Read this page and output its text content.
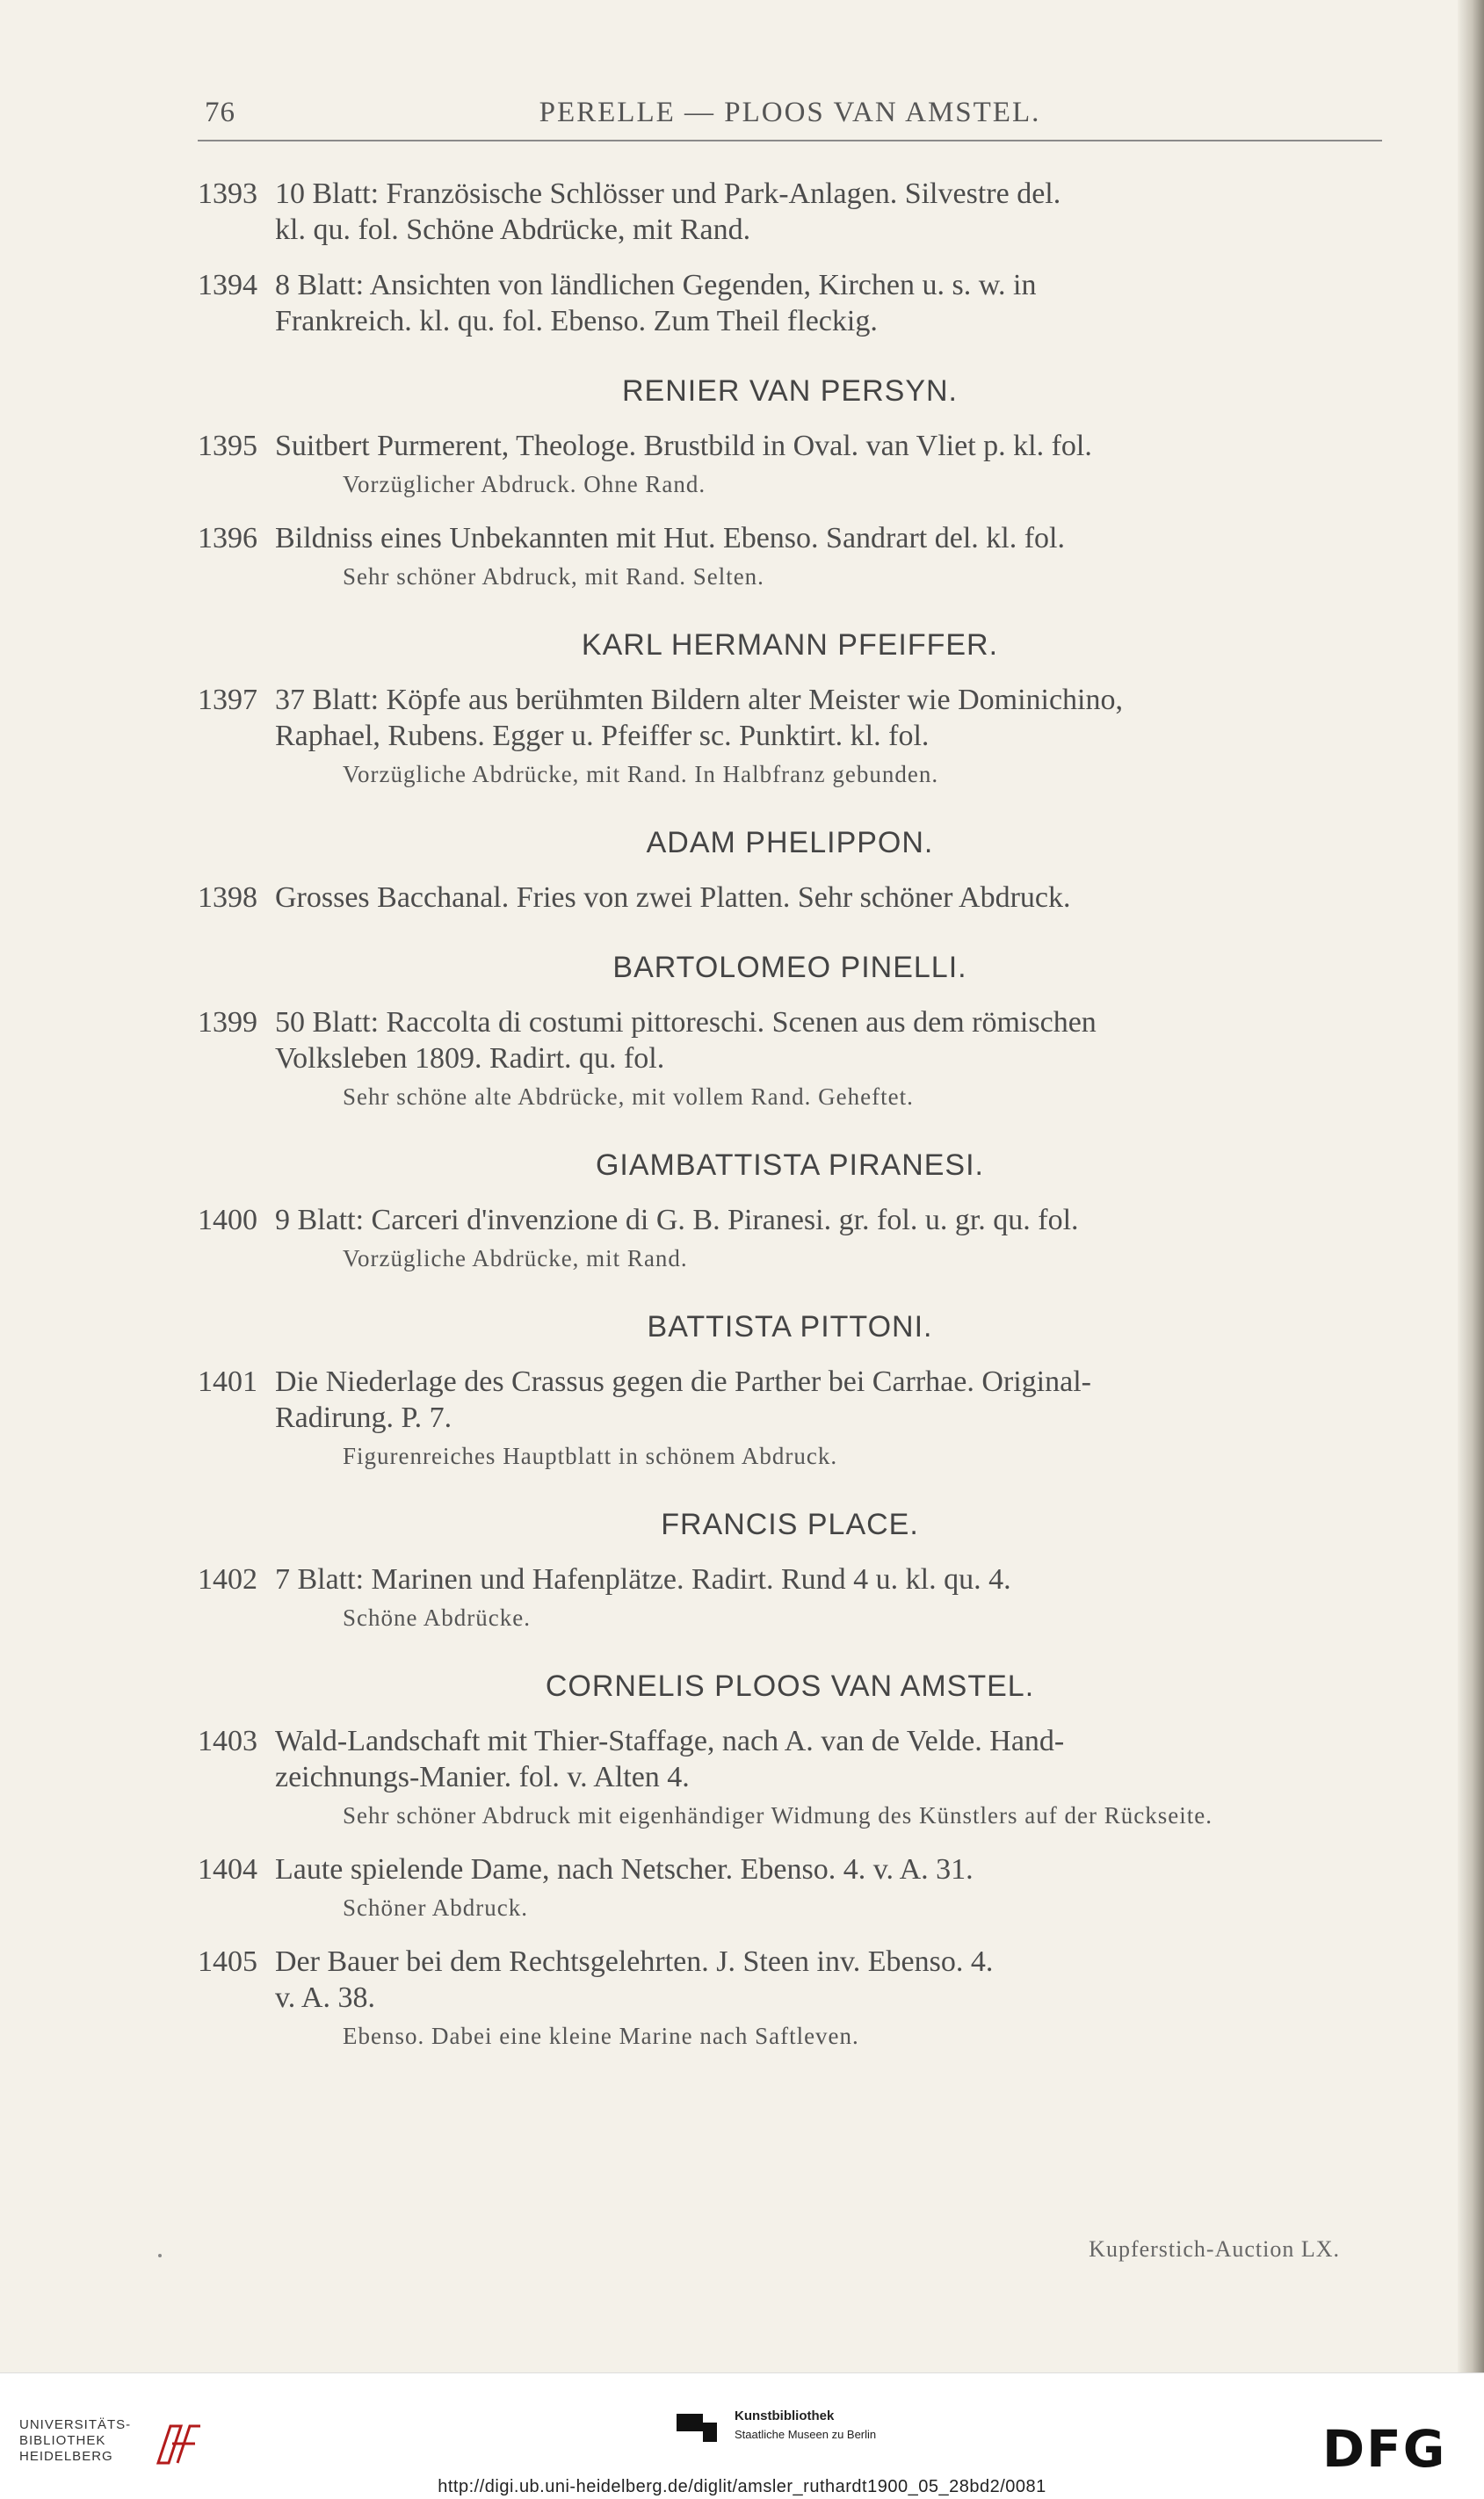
76	PERELLE — PLOOS VAN AMSTEL.
1393 10 Blatt: Französische Schlösser und Park-Anlagen. Silvestre del.
kl. qu. fol. Schöne Abdrücke, mit Rand.
1394 8 Blatt: Ansichten von ländlichen Gegenden, Kirchen u. s. w. in
Frankreich. kl. qu. fol. Ebenso. Zum Theil fleckig.
RENIER VAN PERSYN.
1395 Suitbert Purmerent, Theologe. Brustbild in Oval. van Vliet p. kl. fol.
Vorzüglicher Abdruck. Ohne Rand.
1396 Bildniss eines Unbekannten mit Hut. Ebenso. Sandrart del. kl. fol.
Sehr schöner Abdruck, mit Rand. Selten.
KARL HERMANN PFEIFFER.
1397 37 Blatt: Köpfe aus berühmten Bildern alter Meister wie Dominichino,
Raphael, Rubens. Egger u. Pfeiffer sc. Punktirt. kl. fol.
Vorzügliche Abdrücke, mit Rand. In Halbfranz gebunden.
ADAM PHELIPPON.
1398 Grosses Bacchanal. Fries von zwei Platten. Sehr schöner Abdruck.
BARTOLOMEO PINELLI.
1399 50 Blatt: Raccolta di costumi pittoreschi. Scenen aus dem römischen
Volksleben 1809. Radirt. qu. fol.
Sehr schöne alte Abdrücke, mit vollem Rand. Geheftet.
GIAMBATTISTA PIRANESI.
1400 9 Blatt: Carceri d'invenzione di G. B. Piranesi. gr. fol. u. gr. qu. fol.
Vorzügliche Abdrücke, mit Rand.
BATTISTA PITTONI.
1401 Die Niederlage des Crassus gegen die Parther bei Carrhae. Original-
Radirung. P. 7.
Figurenreiches Hauptblatt in schönem Abdruck.
FRANCIS PLACE.
1402 7 Blatt: Marinen und Hafenplätze. Radirt. Rund 4 u. kl. qu. 4.
Schöne Abdrücke.
CORNELIS PLOOS VAN AMSTEL.
1403 Wald-Landschaft mit Thier-Staffage, nach A. van de Velde. Hand-
zeichnungs-Manier. fol. v. Alten 4.
Sehr schöner Abdruck mit eigenhändiger Widmung des Künstlers auf der Rückseite.
1404 Laute spielende Dame, nach Netscher. Ebenso. 4. v. A. 31.
Schöner Abdruck.
1405 Der Bauer bei dem Rechtsgelehrten. J. Steen inv. Ebenso. 4.
v. A. 38.
Ebenso. Dabei eine kleine Marine nach Saftleven.
Kupferstich-Auction LX.
UNIVERSITÄTS-
BIBLIOTHEK
HEIDELBERG
Kunstbibliothek
Staatliche Museen zu Berlin	DFG
http://digi.ub.uni-heidelberg.de/diglit/amsler_ruthardt1900_05_28bd2/0081
